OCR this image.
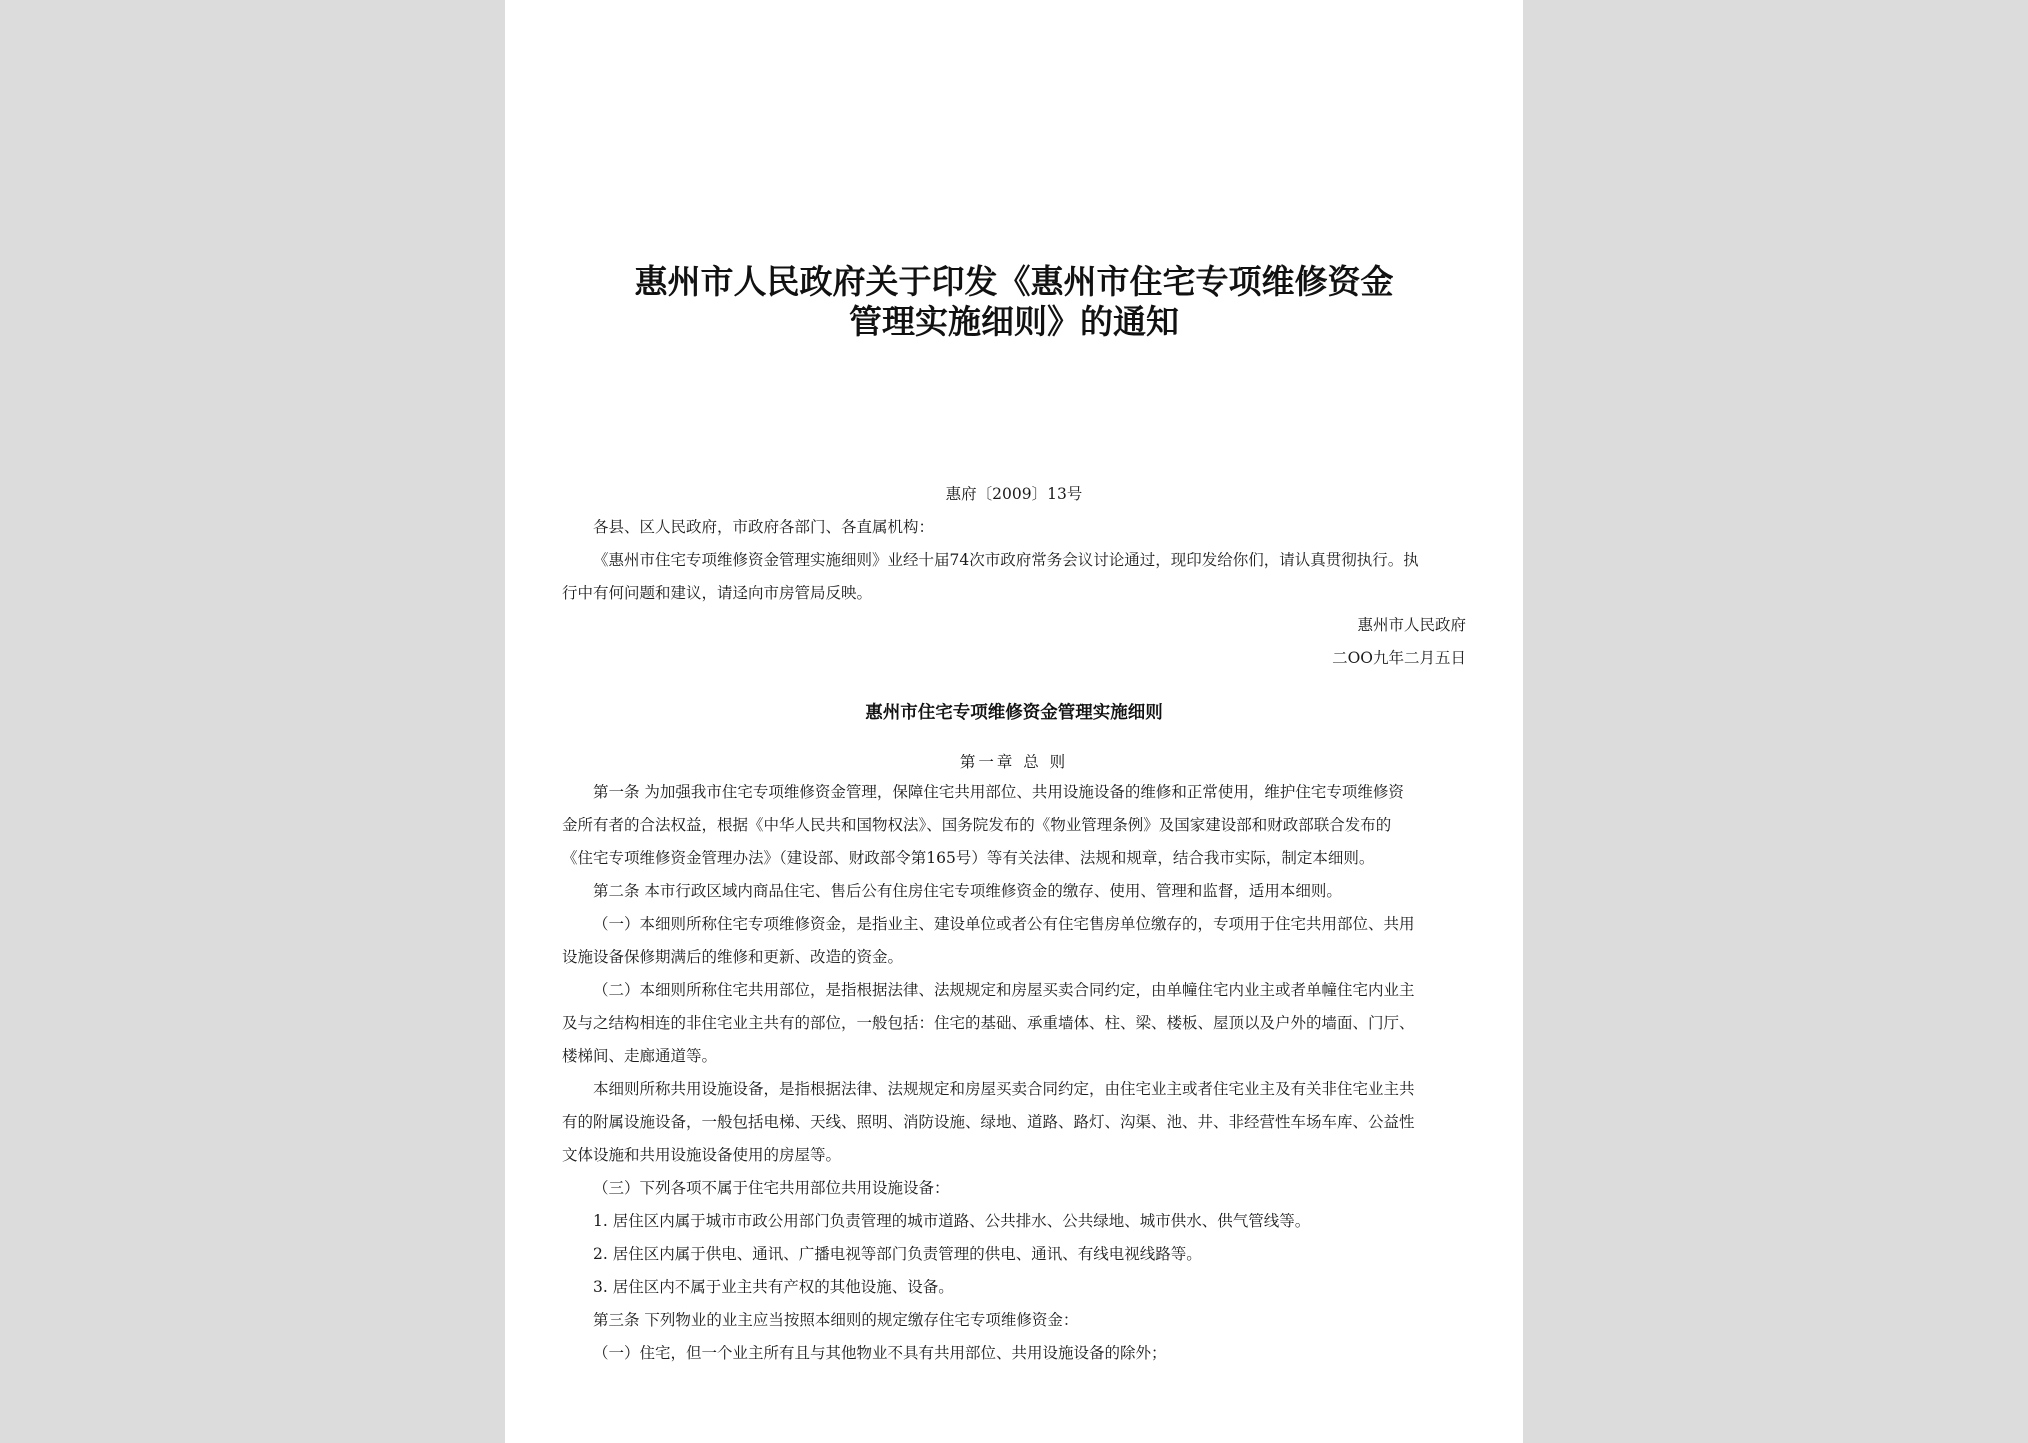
惠州市人民政府关于印发《惠州市住宅专项维修资金
管理实施细则》的通知
惠府〔2009〕13号
各县、区人民政府，市政府各部门、各直属机构：
《惠州市住宅专项维修资金管理实施细则》业经十届74次市政府常务会议讨论通过，现印发给你们，请认真贯彻执行。执
行中有何问题和建议，请迳向市房管局反映。
惠州市人民政府
二OO九年二月五日
惠州市住宅专项维修资金管理实施细则
第一章 总 则
第一条 为加强我市住宅专项维修资金管理，保障住宅共用部位、共用设施设备的维修和正常使用，维护住宅专项维修资
金所有者的合法权益，根据《中华人民共和国物权法》、国务院发布的《物业管理条例》及国家建设部和财政部联合发布的
《住宅专项维修资金管理办法》（建设部、财政部令第165号）等有关法律、法规和规章，结合我市实际，制定本细则。
第二条 本市行政区域内商品住宅、售后公有住房住宅专项维修资金的缴存、使用、管理和监督，适用本细则。
（一）本细则所称住宅专项维修资金，是指业主、建设单位或者公有住宅售房单位缴存的，专项用于住宅共用部位、共用
设施设备保修期满后的维修和更新、改造的资金。
（二）本细则所称住宅共用部位，是指根据法律、法规规定和房屋买卖合同约定，由单幢住宅内业主或者单幢住宅内业主
及与之结构相连的非住宅业主共有的部位，一般包括：住宅的基础、承重墙体、柱、梁、楼板、屋顶以及户外的墙面、门厅、
楼梯间、走廊通道等。
本细则所称共用设施设备，是指根据法律、法规规定和房屋买卖合同约定，由住宅业主或者住宅业主及有关非住宅业主共
有的附属设施设备，一般包括电梯、天线、照明、消防设施、绿地、道路、路灯、沟渠、池、井、非经营性车场车库、公益性
文体设施和共用设施设备使用的房屋等。
（三）下列各项不属于住宅共用部位共用设施设备：
1. 居住区内属于城市市政公用部门负责管理的城市道路、公共排水、公共绿地、城市供水、供气管线等。
2. 居住区内属于供电、通讯、广播电视等部门负责管理的供电、通讯、有线电视线路等。
3. 居住区内不属于业主共有产权的其他设施、设备。
第三条 下列物业的业主应当按照本细则的规定缴存住宅专项维修资金：
（一）住宅，但一个业主所有且与其他物业不具有共用部位、共用设施设备的除外；
